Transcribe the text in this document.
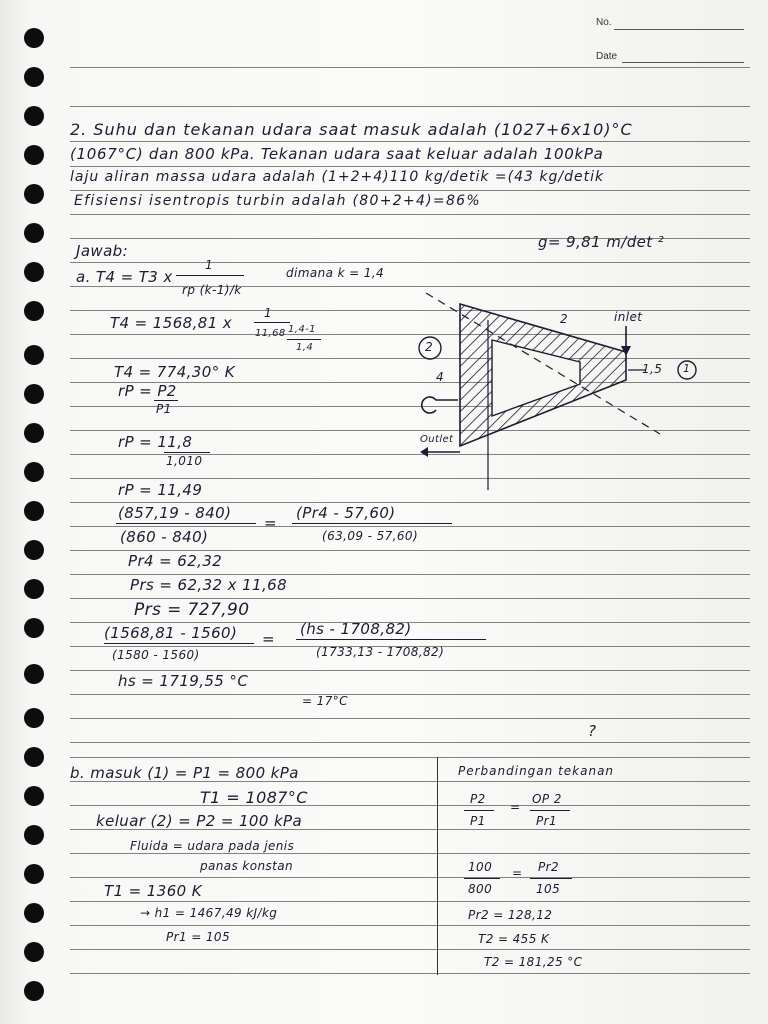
No.
Date
2. Suhu dan tekanan udara saat masuk adalah (1027+6x10)°C
(1067°C) dan 800 kPa. Tekanan udara saat keluar adalah 100kPa
laju aliran massa udara adalah (1+2+4)110 kg/detik =(43 kg/detik
Efisiensi isentropis turbin adalah (80+2+4)=86%
Jawab:	g= 9,81 m/det ²
a. T4 = T3 x
1
rp (k-1)/k
dimana k = 1,4
T4 = 1568,81 x
1
11,68 1,4-1
1,4
T4 = 774,30° K
rP = P2
P1
rP = 11,8
1,010
rP = 11,49
(857,19 - 840)
(860 - 840)
=
(Pr4 - 57,60)
(63,09 - 57,60)
Pr4 = 62,32
Prs = 62,32 x 11,68
Prs = 727,90
(1568,81 - 1560)
(1580 - 1560)
=
(hs - 1708,82)
(1733,13 - 1708,82)
hs = 1719,55 °C
= 17°C
?
b. masuk (1) = P1 = 800 kPa
T1 = 1087°C
keluar (2) = P2 = 100 kPa
Fluida = udara pada jenis
panas konstan
T1 = 1360 K
→ h1 = 1467,49 kJ/kg
Pr1 = 105
Perbandingan tekanan
P2
P1
=
OP 2
Pr1
100
800
= Pr2
105
Pr2 = 128,12
T2 = 455 K
T2 = 181,25 °C
inlet
Outlet
2
4
1,5 1
2
